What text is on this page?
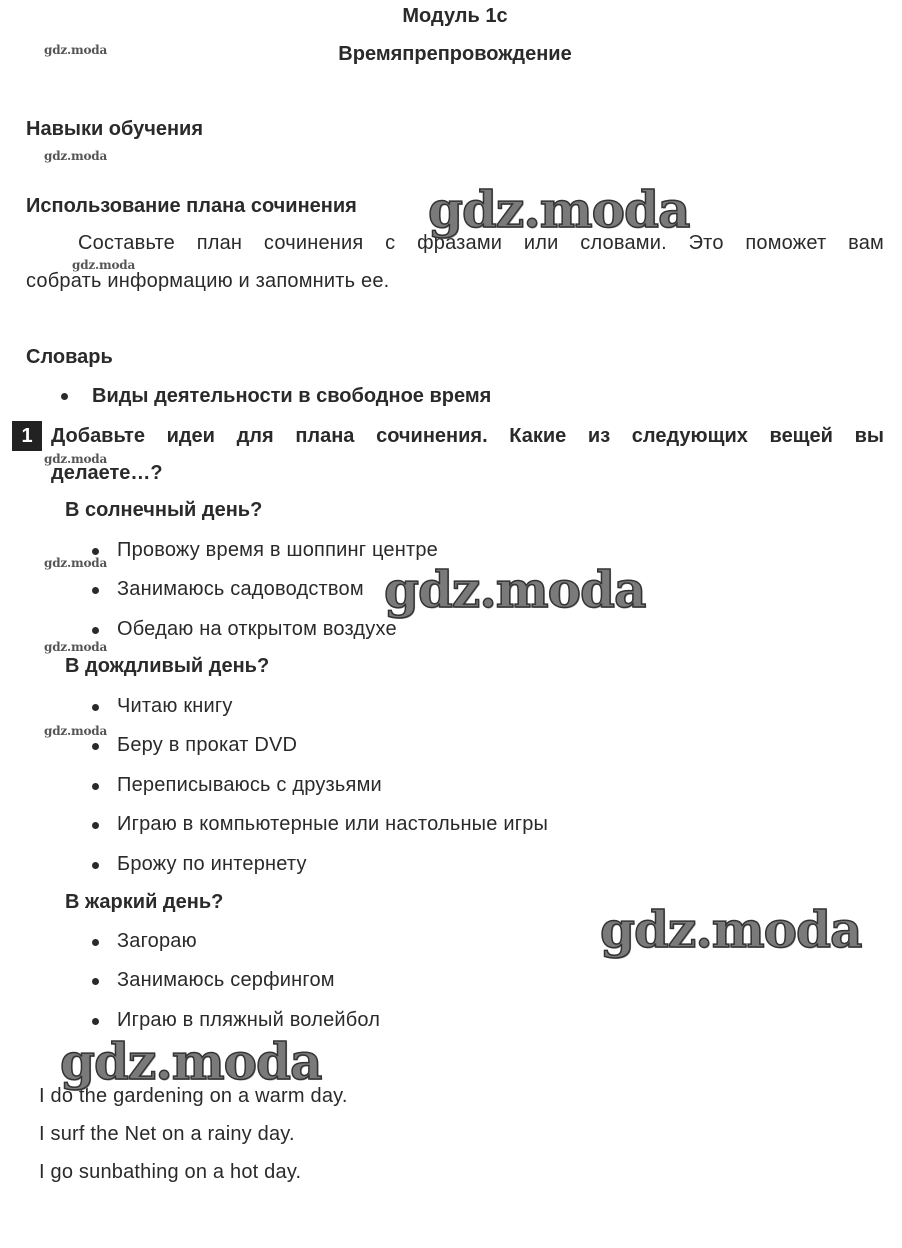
Модуль 1с
Времяпрепровождение
Навыки обучения
Использование плана сочинения
Составьте план сочинения с фразами или словами. Это поможет вам
собрать информацию и запомнить ее.
Словарь
Виды деятельности в свободное время
1 Добавьте идеи для плана сочинения. Какие из следующих вещей вы
делаете…?
В солнечный день?
Провожу время в шоппинг центре
Занимаюсь садоводством
Обедаю на открытом воздухе
В дождливый день?
Читаю книгу
Беру в прокат DVD
Переписываюсь с друзьями
Играю в компьютерные или настольные игры
Брожу по интернету
В жаркий день?
Загораю
Занимаюсь серфингом
Играю в пляжный волейбол
I do the gardening on a warm day.
I surf the Net on a rainy day.
I go sunbathing on a hot day.
gdz.moda
gdz.moda
gdz.moda
gdz.moda
gdz.moda
gdz.moda
gdz.moda
gdz.moda
gdz.moda
gdz.moda
gdz.moda
